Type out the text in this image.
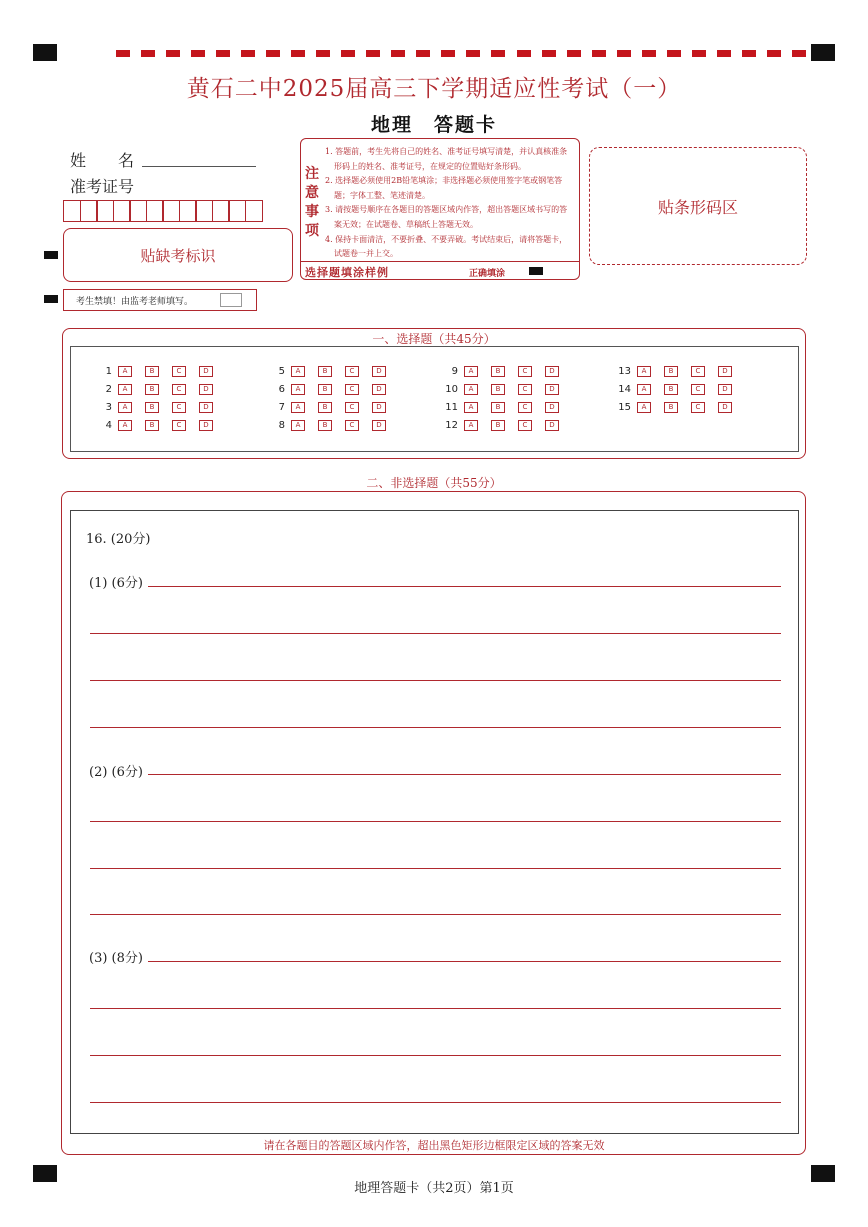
黄石二中2025届高三下学期适应性考试（一）
地理　答题卡
姓　　名
准考证号
贴缺考标识
考生禁填！由监考老师填写。
注
意
事
项
1. 答题前，考生先将自己的姓名、准考证号填写清楚，并认真核准条形码上的姓名、准考证号，在规定的位置贴好条形码。
2. 选择题必须使用2B铅笔填涂；非选择题必须使用签字笔或钢笔答题；字体工整、笔迹清楚。
3. 请按题号顺序在各题目的答题区域内作答，超出答题区域书写的答案无效；在试题卷、草稿纸上答题无效。
4. 保持卡面清洁，不要折叠、不要弄破。考试结束后，请将答题卡，试题卷一并上交。
选择题填涂样例	正确填涂
贴条形码区
一、选择题（共45分）
1	A	B	C	D
2	A	B	C	D
3	A	B	C	D
4	A	B	C	D
5	A	B	C	D
6	A	B	C	D
7	A	B	C	D
8	A	B	C	D
9	A	B	C	D
10	A	B	C	D
11	A	B	C	D
12	A	B	C	D
13	A	B	C	D
14	A	B	C	D
15	A	B	C	D
二、非选择题（共55分）
16. (20分)
(1) (6分)
(2) (6分)
(3) (8分)
请在各题目的答题区域内作答，超出黑色矩形边框限定区域的答案无效
地理答题卡（共2页）第1页
